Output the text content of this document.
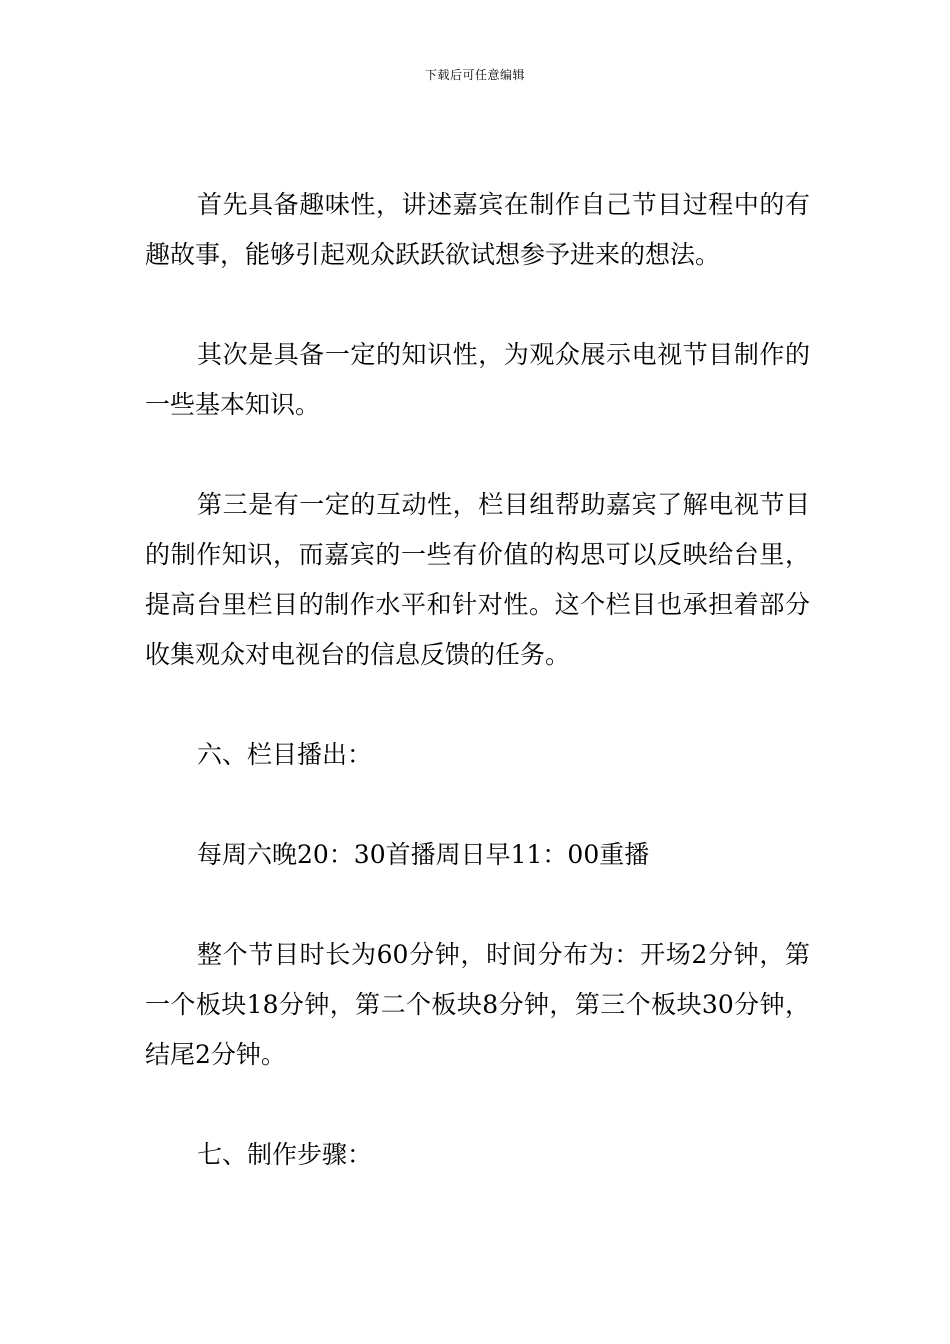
下载后可任意编辑

首先具备趣味性，讲述嘉宾在制作自己节目过程中的有趣故事，能够引起观众跃跃欲试想参予进来的想法。

其次是具备一定的知识性，为观众展示电视节目制作的一些基本知识。

第三是有一定的互动性，栏目组帮助嘉宾了解电视节目的制作知识，而嘉宾的一些有价值的构思可以反映给台里，提高台里栏目的制作水平和针对性。这个栏目也承担着部分收集观众对电视台的信息反馈的任务。

六、栏目播出：

每周六晚20：30首播周日早11：00重播

整个节目时长为60分钟，时间分布为：开场2分钟，第一个板块18分钟，第二个板块8分钟，第三个板块30分钟，结尾2分钟。

七、制作步骤：
